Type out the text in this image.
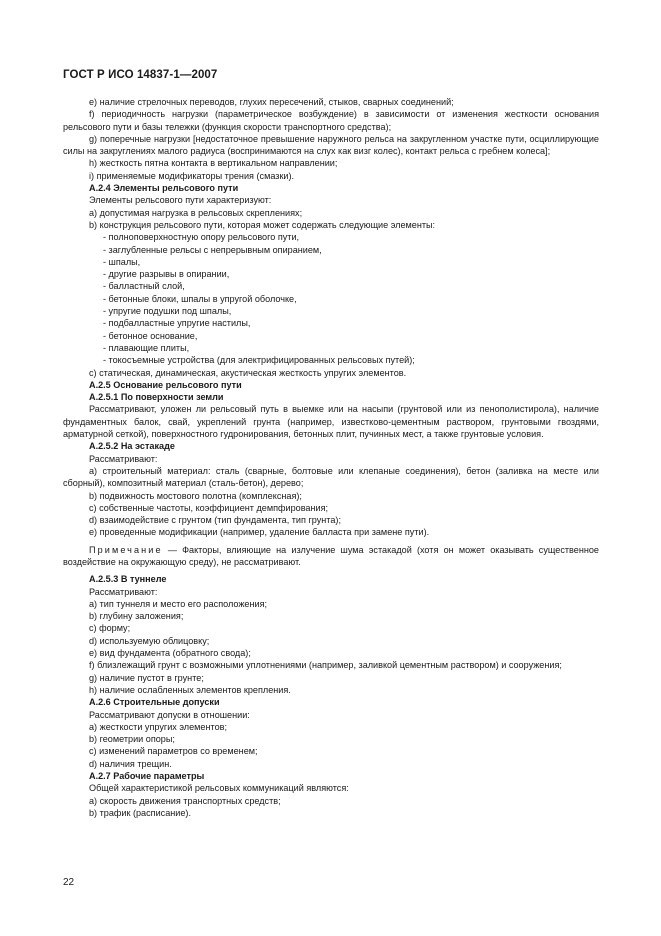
ГОСТ Р ИСО 14837-1—2007

e) наличие стрелочных переводов, глухих пересечений, стыков, сварных соединений;

f) периодичность нагрузки (параметрическое возбуждение) в зависимости от изменения жесткости основания рельсового пути и базы тележки (функция скорости транспортного средства);

g) поперечные нагрузки [недостаточное превышение наружного рельса на закругленном участке пути, осциллирующие силы на закруглениях малого радиуса (воспринимаются на слух как визг колес), контакт рельса с гребнем колеса];

h) жесткость пятна контакта в вертикальном направлении;

i) применяемые модификаторы трения (смазки).

A.2.4 Элементы рельсового пути

Элементы рельсового пути характеризуют:

a) допустимая нагрузка в рельсовых скреплениях;

b) конструкция рельсового пути, которая может содержать следующие элементы:

- полноповерхностную опору рельсового пути,

- заглубленные рельсы с непрерывным опиранием,

- шпалы,

- другие разрывы в опирании,

- балластный слой,

- бетонные блоки, шпалы в упругой оболочке,

- упругие подушки под шпалы,

- подбалластные упругие настилы,

- бетонное основание,

- плавающие плиты,

- токосъемные устройства (для электрифицированных рельсовых путей);

c) статическая, динамическая, акустическая жесткость упругих элементов.

A.2.5 Основание рельсового пути

A.2.5.1 По поверхности земли

Рассматривают, уложен ли рельсовый путь в выемке или на насыпи (грунтовой или из пенополистирола), наличие фундаментных балок, свай, укреплений грунта (например, известково-цементным раствором, грунтовыми гвоздями, арматурной сеткой), поверхностного гудронирования, бетонных плит, пучинных мест, а также грунтовые условия.

A.2.5.2 На эстакаде

Рассматривают:

a) строительный материал: сталь (сварные, болтовые или клепаные соединения), бетон (заливка на месте или сборный), композитный материал (сталь-бетон), дерево;

b) подвижность мостового полотна (комплексная);

c) собственные частоты, коэффициент демпфирования;

d) взаимодействие с грунтом (тип фундамента, тип грунта);

e) проведенные модификации (например, удаление балласта при замене пути).

Примечание — Факторы, влияющие на излучение шума эстакадой (хотя он может оказывать существенное воздействие на окружающую среду), не рассматривают.

A.2.5.3 В туннеле

Рассматривают:

a) тип туннеля и место его расположения;

b) глубину заложения;

c) форму;

d) используемую облицовку;

e) вид фундамента (обратного свода);

f) близлежащий грунт с возможными уплотнениями (например, заливкой цементным раствором) и сооружения;

g) наличие пустот в грунте;

h) наличие ослабленных элементов крепления.

A.2.6 Строительные допуски

Рассматривают допуски в отношении:

a) жесткости упругих элементов;

b) геометрии опоры;

c) изменений параметров со временем;

d) наличия трещин.

A.2.7 Рабочие параметры

Общей характеристикой рельсовых коммуникаций являются:

a) скорость движения транспортных средств;

b) трафик (расписание).

22
